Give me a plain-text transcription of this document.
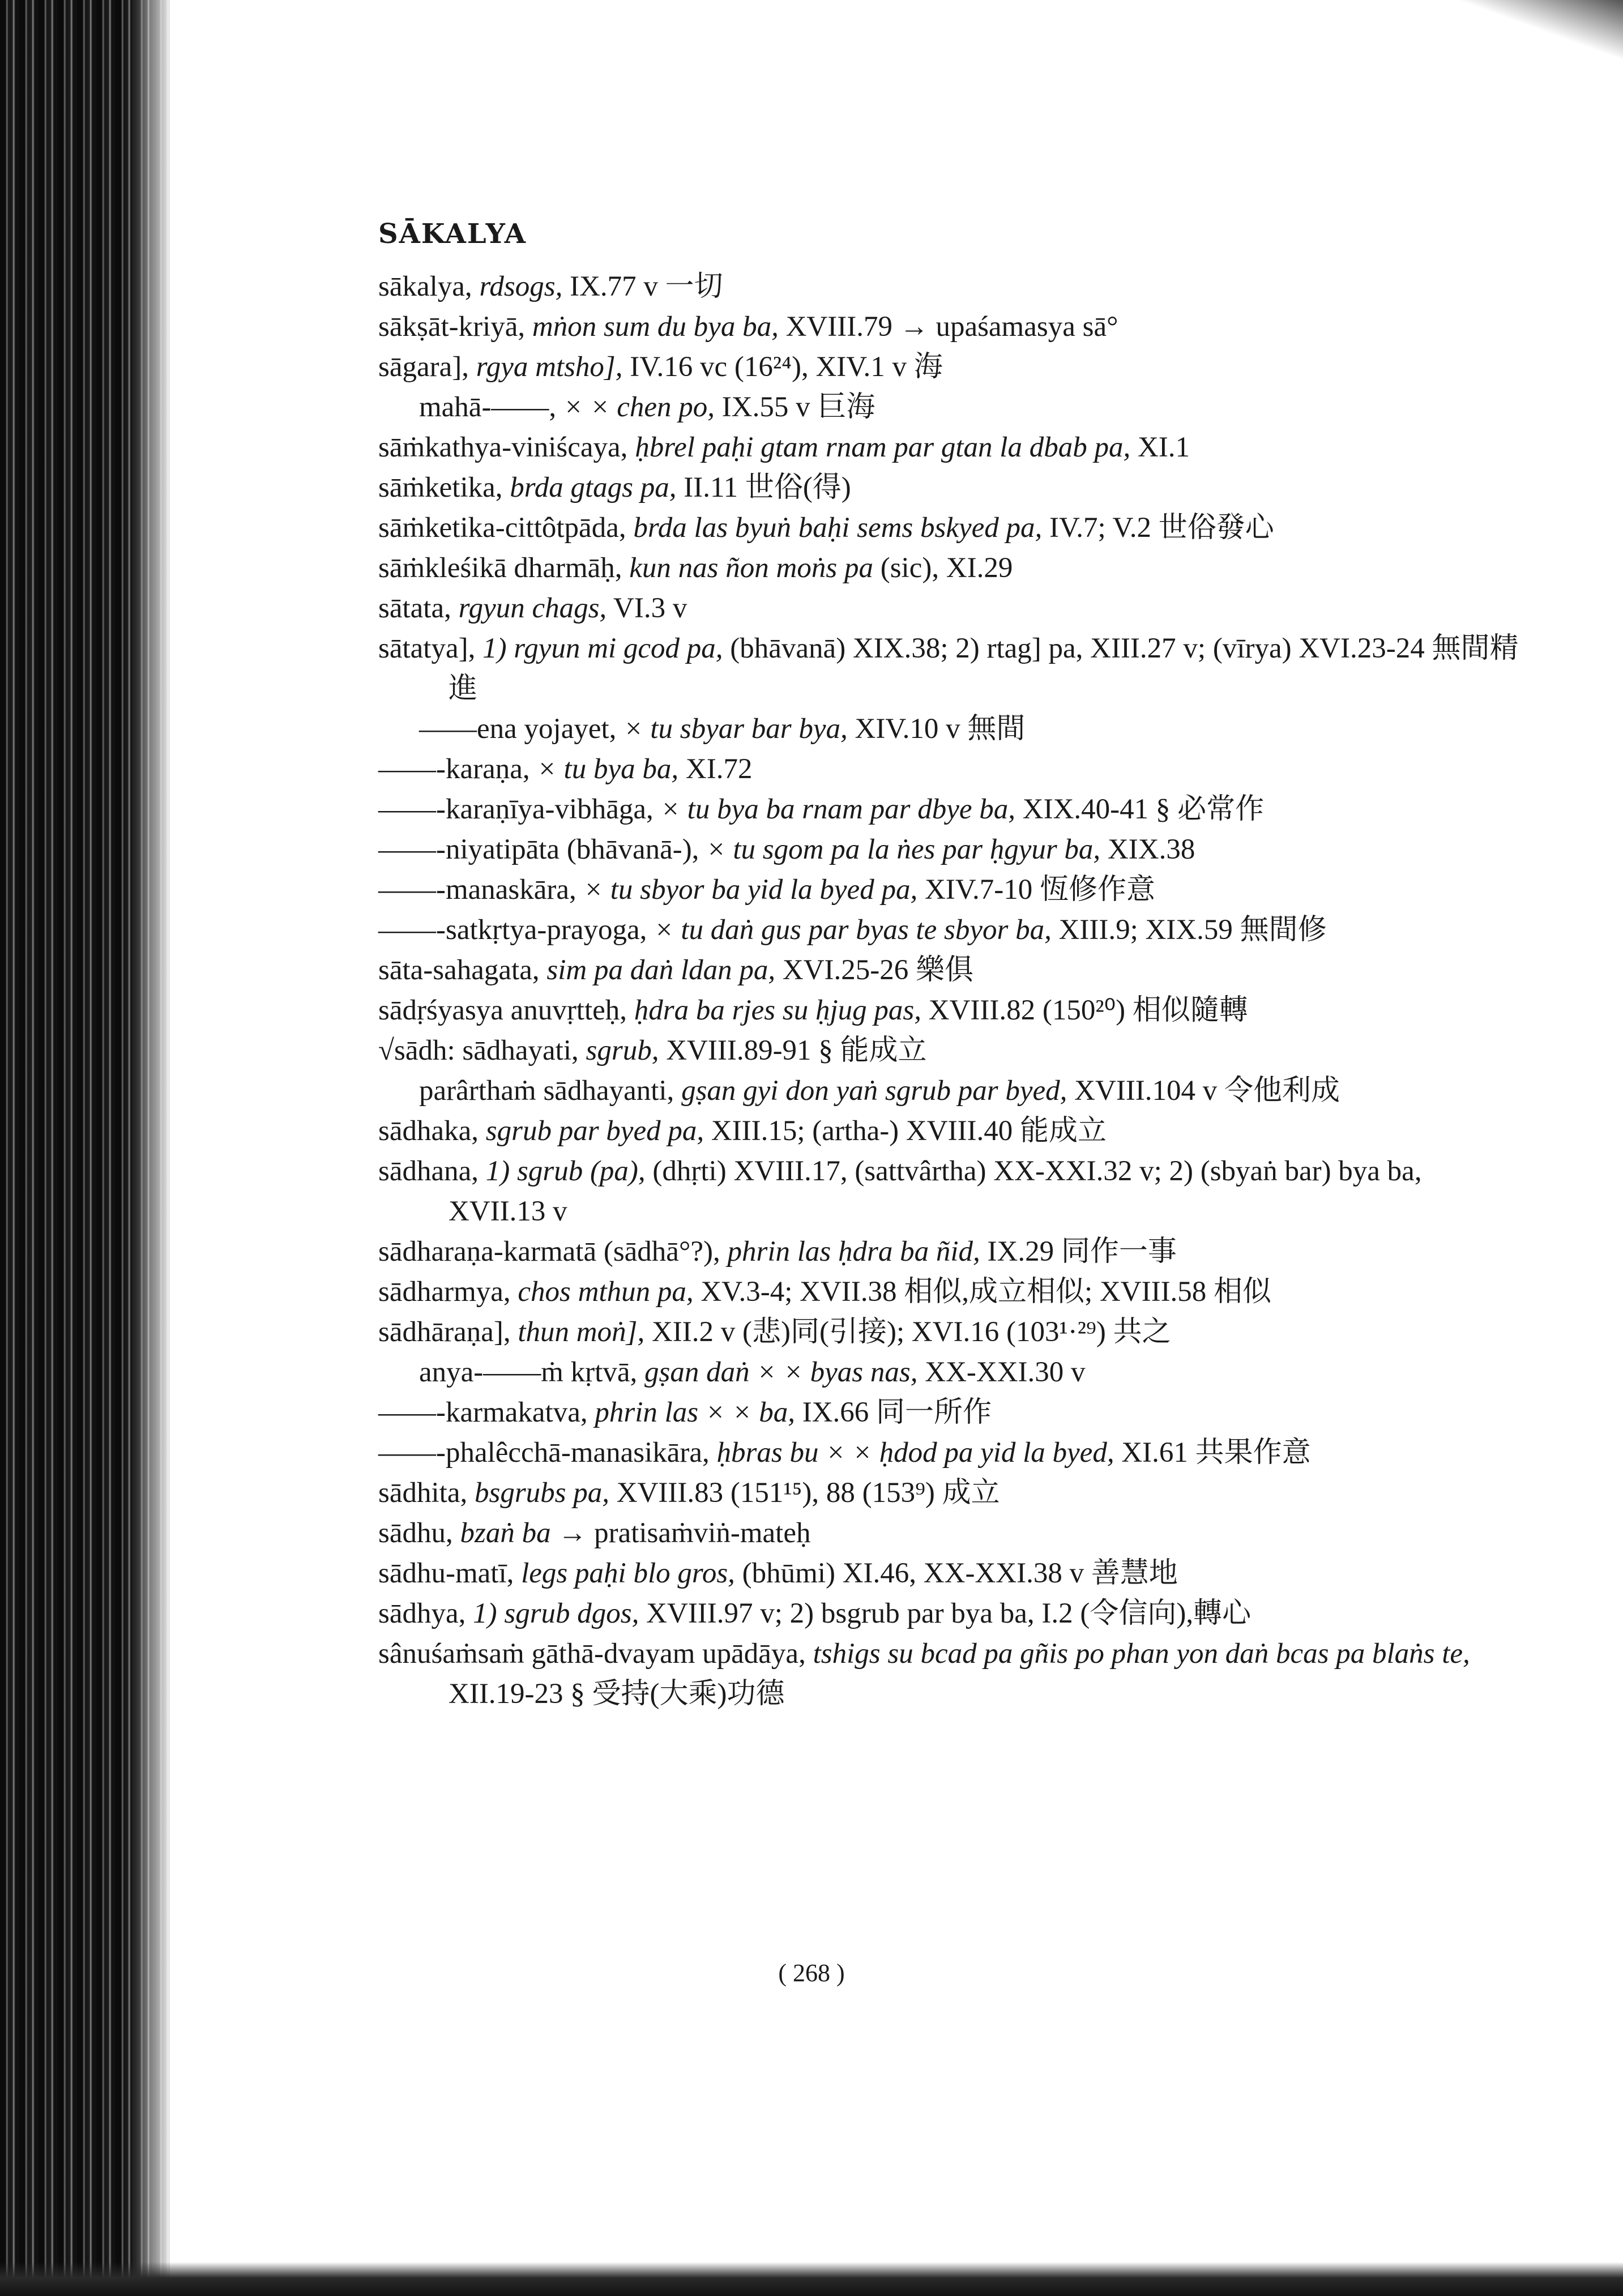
SĀKALYA
sākalya, rdsogs, IX.77 v 一切
sākṣāt-kriyā, mṅon sum du bya ba, XVIII.79 → upaśamasya sā°
sāgara], rgya mtsho], IV.16 vc (16²⁴), XIV.1 v 海
mahā-——, × × chen po, IX.55 v 巨海
sāṁkathya-viniścaya, ḥbrel paḥi gtam rnam par gtan la dbab pa, XI.1
sāṁketika, brda gtags pa, II.11 世俗(得)
sāṁketika-cittôtpāda, brda las byuṅ baḥi sems bskyed pa, IV.7; V.2 世俗發心
sāṁkleśikā dharmāḥ, kun nas ñon moṅs pa (sic), XI.29
sātata, rgyun chags, VI.3 v
sātatya], 1) rgyun mi gcod pa, (bhāvanā) XIX.38; 2) rtag] pa, XIII.27 v; (vīrya) XVI.23-24 無間精進
——ena yojayet, × tu sbyar bar bya, XIV.10 v 無間
——-karaṇa, × tu bya ba, XI.72
——-karaṇīya-vibhāga, × tu bya ba rnam par dbye ba, XIX.40-41 § 必常作
——-niyatipāta (bhāvanā-), × tu sgom pa la ṅes par ḥgyur ba, XIX.38
——-manaskāra, × tu sbyor ba yid la byed pa, XIV.7-10 恆修作意
——-satkṛtya-prayoga, × tu daṅ gus par byas te sbyor ba, XIII.9; XIX.59 無間修
sāta-sahagata, sim pa daṅ ldan pa, XVI.25-26 樂俱
sādṛśyasya anuvṛtteḥ, ḥdra ba rjes su ḥjug pas, XVIII.82 (150²⁰) 相似隨轉
√sādh: sādhayati, sgrub, XVIII.89-91 § 能成立
parârthaṁ sādhayanti, gṣan gyi don yaṅ sgrub par byed, XVIII.104 v 令他利成
sādhaka, sgrub par byed pa, XIII.15; (artha-) XVIII.40 能成立
sādhana, 1) sgrub (pa), (dhṛti) XVIII.17, (sattvârtha) XX-XXI.32 v; 2) (sbyaṅ bar) bya ba, XVII.13 v
sādharaṇa-karmatā (sādhā°?), phrin las ḥdra ba ñid, IX.29 同作一事
sādharmya, chos mthun pa, XV.3-4; XVII.38 相似,成立相似; XVIII.58 相似
sādhāraṇa], thun moṅ], XII.2 v (悲)同(引接); XVI.16 (103¹·²⁹) 共之
anya-——ṁ kṛtvā, gṣan daṅ × × byas nas, XX-XXI.30 v
——-karmakatva, phrin las × × ba, IX.66 同一所作
——-phalêcchā-manasikāra, ḥbras bu × × ḥdod pa yid la byed, XI.61 共果作意
sādhita, bsgrubs pa, XVIII.83 (151¹⁵), 88 (153⁹) 成立
sādhu, bzaṅ ba → pratisaṁviṅ-mateḥ
sādhu-matī, legs paḥi blo gros, (bhūmi) XI.46, XX-XXI.38 v 善慧地
sādhya, 1) sgrub dgos, XVIII.97 v; 2) bsgrub par bya ba, I.2 (令信向),轉心
sânuśaṁsaṁ gāthā-dvayam upādāya, tshigs su bcad pa gñis po phan yon daṅ bcas pa blaṅs te, XII.19-23 § 受持(大乘)功德
( 268 )
